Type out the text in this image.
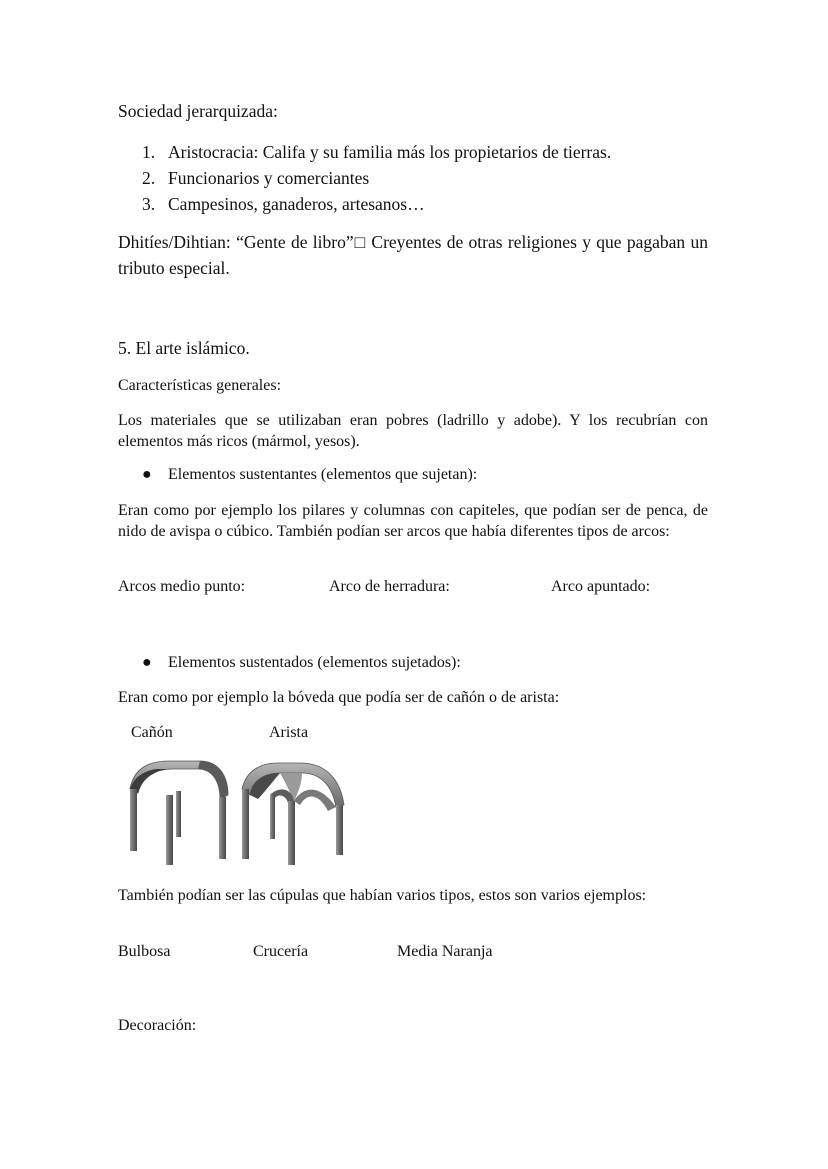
Sociedad jerarquizada:

1. Aristocracia: Califa y su familia más los propietarios de tierras.
2. Funcionarios y comerciantes
3. Campesinos, ganaderos, artesanos…

Dhitíes/Dihtian: “Gente de libro”□ Creyentes de otras religiones y que pagaban un tributo especial.

5. El arte islámico.

Características generales:

Los materiales que se utilizaban eran pobres (ladrillo y adobe). Y los recubrían con elementos más ricos (mármol, yesos).

● Elementos sustentantes (elementos que sujetan):

Eran como por ejemplo los pilares y columnas con capiteles, que podían ser de penca, de nido de avispa o cúbico. También podían ser arcos que había diferentes tipos de arcos:

Arcos medio punto:	Arco de herradura:	Arco apuntado:

● Elementos sustentados (elementos sujetados):

Eran como por ejemplo la bóveda que podía ser de cañón o de arista:

Cañón	Arista

También podían ser las cúpulas que habían varios tipos, estos son varios ejemplos:

Bulbosa	Crucería	Media Naranja

Decoración:
